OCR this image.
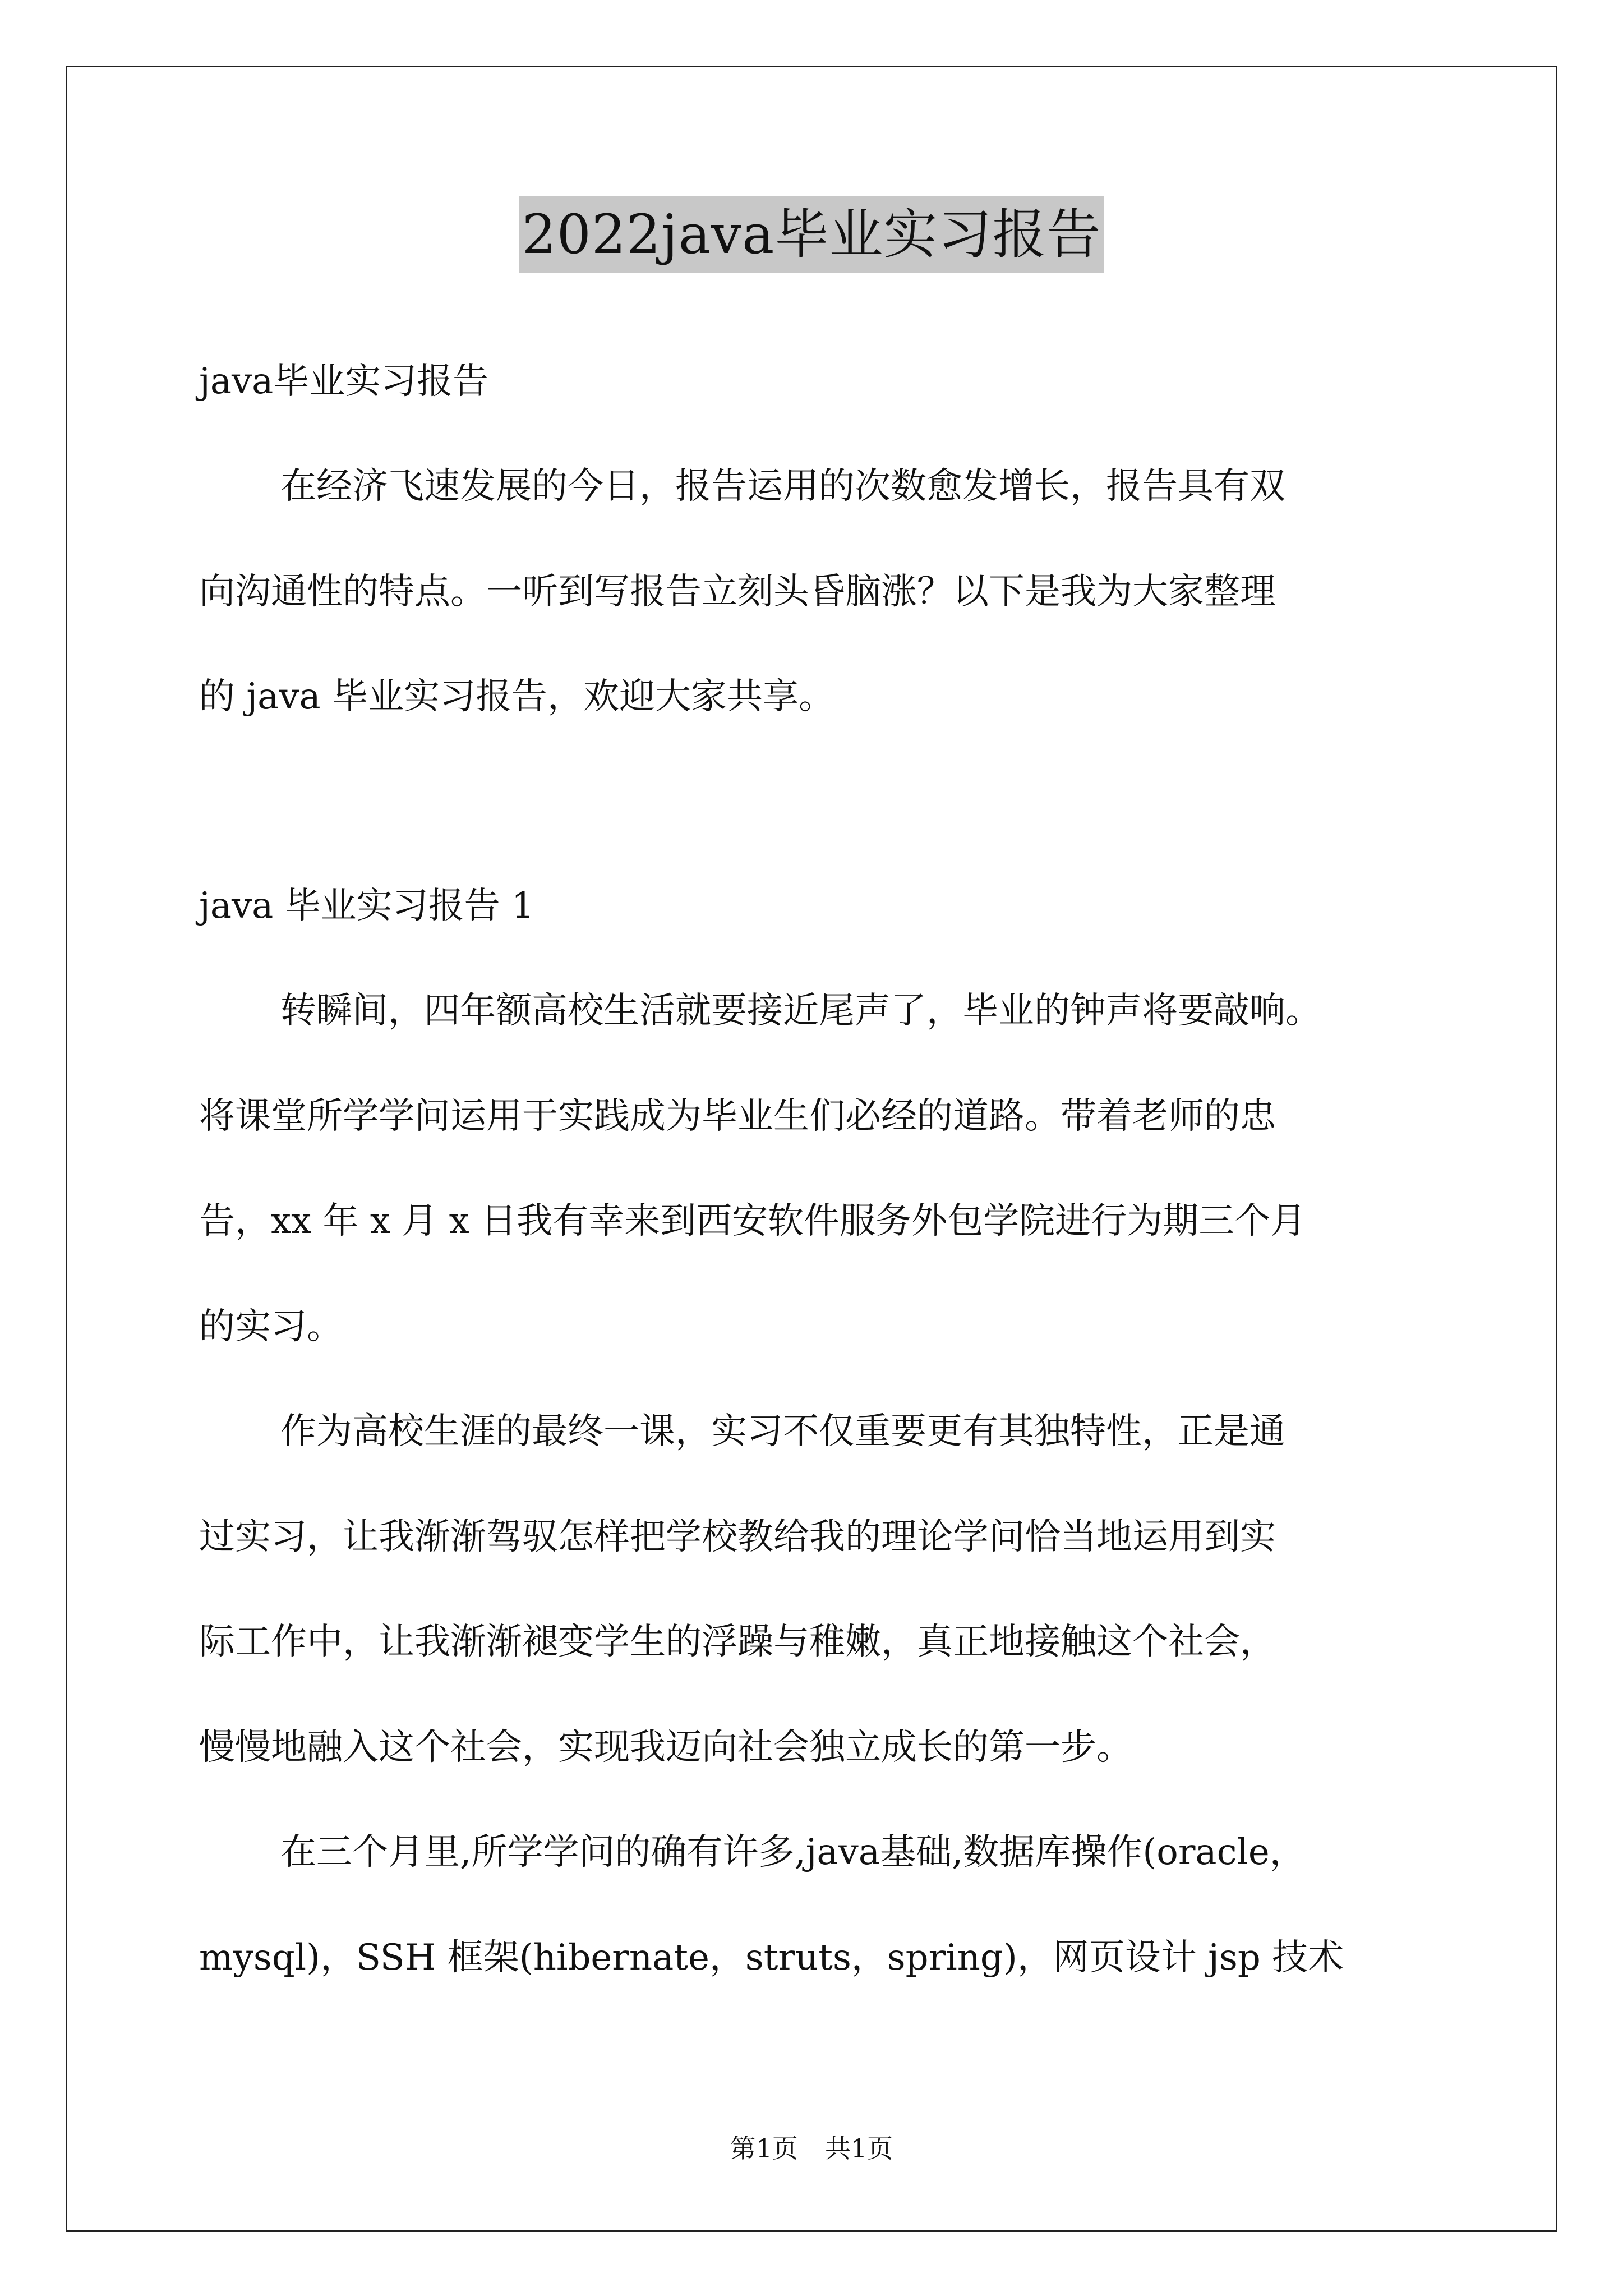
2022java毕业实习报告
java毕业实习报告
在经济飞速发展的今日，报告运用的次数愈发增长，报告具有双
向沟通性的特点。一听到写报告立刻头昏脑涨？以下是我为大家整理
的 java 毕业实习报告，欢迎大家共享。
java 毕业实习报告 1
转瞬间，四年额高校生活就要接近尾声了，毕业的钟声将要敲响。
将课堂所学学问运用于实践成为毕业生们必经的道路。带着老师的忠
告，xx 年 x 月 x 日我有幸来到西安软件服务外包学院进行为期三个月
的实习。
作为高校生涯的最终一课，实习不仅重要更有其独特性，正是通
过实习，让我渐渐驾驭怎样把学校教给我的理论学问恰当地运用到实
际工作中，让我渐渐褪变学生的浮躁与稚嫩，真正地接触这个社会，
慢慢地融入这个社会，实现我迈向社会独立成长的第一步。
在三个月里,所学学问的确有许多,java基础,数据库操作(oracle，
mysql)，SSH 框架(hibernate，struts，spring)，网页设计 jsp 技术
第1页 共1页
